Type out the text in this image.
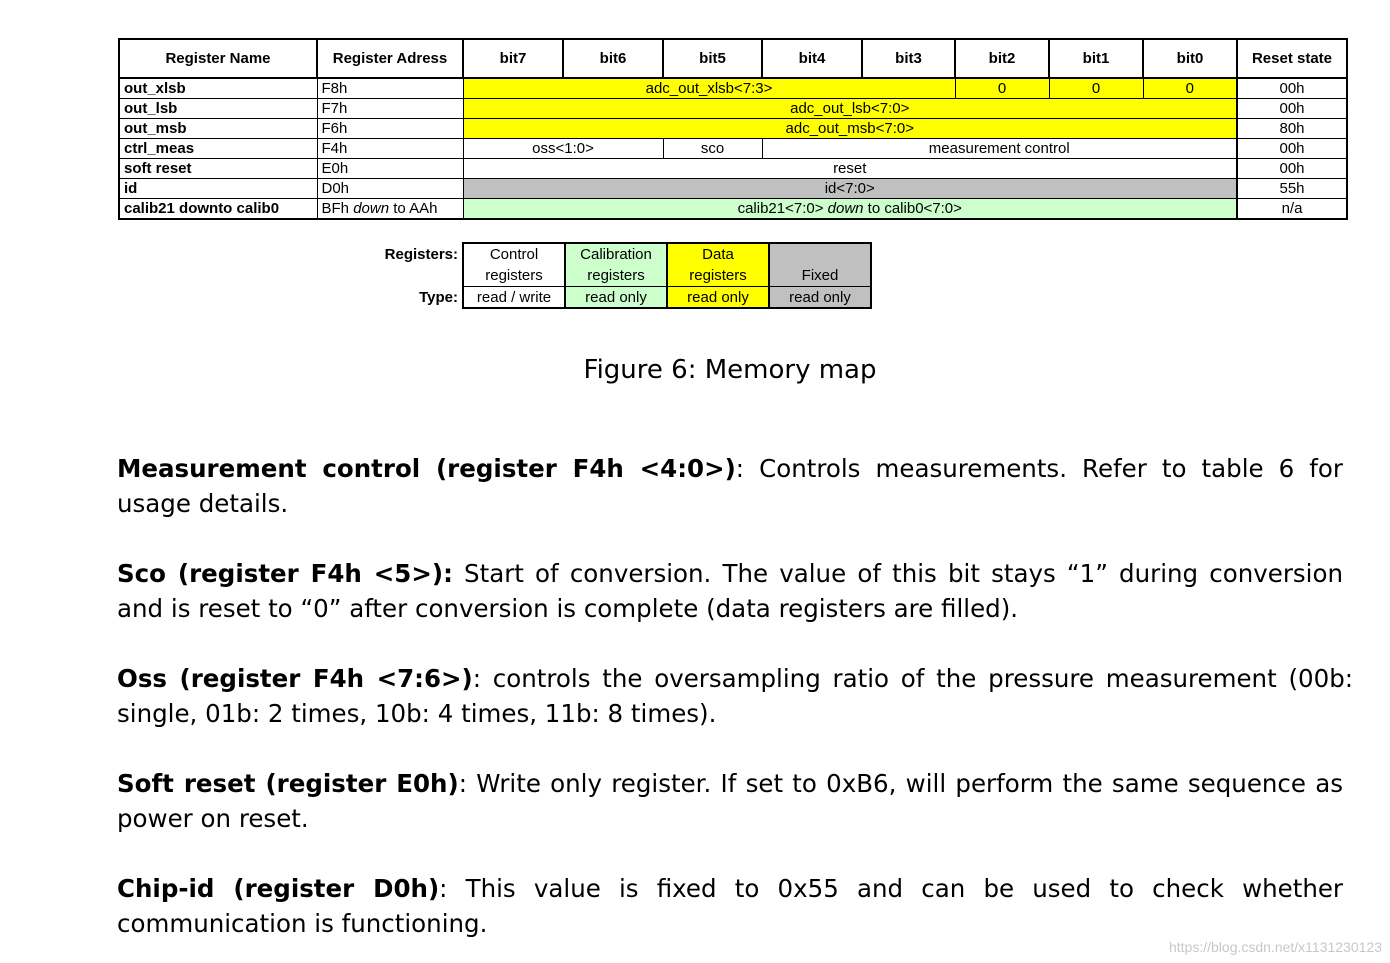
Register Name	Register Adress	bit7	bit6	bit5	bit4	bit3	bit2	bit1	bit0	Reset state
out_xlsb	F8h	adc_out_xlsb<7:3>					0	0	0	00h
out_lsb	F7h	adc_out_lsb<7:0>								00h
out_msb	F6h	adc_out_msb<7:0>								80h
ctrl_meas	F4h	oss<1:0>		sco	measurement control					00h
soft reset	E0h	reset								00h
id	D0h	id<7:0>								55h
calib21 downto calib0	BFh down to AAh	calib21<7:0> down to calib0<7:0>								n/a
Registers:	Control	Calibration	Data	
	registers	registers	registers	Fixed
Type:	read / write	read only	read only	read only
Figure 6: Memory map

Measurement control (register F4h <4:0>): Controls measurements. Refer to table 6 for usage details.

Sco (register F4h <5>): Start of conversion. The value of this bit stays “1” during conversion and is reset to “0” after conversion is complete (data registers are filled).

Oss (register F4h <7:6>): controls the oversampling ratio of the pressure measurement (00b: single, 01b: 2 times, 10b: 4 times, 11b: 8 times).

Soft reset (register E0h): Write only register. If set to 0xB6, will perform the same sequence as power on reset.

Chip-id (register D0h): This value is fixed to 0x55 and can be used to check whether communication is functioning.

https://blog.csdn.net/x1131230123
